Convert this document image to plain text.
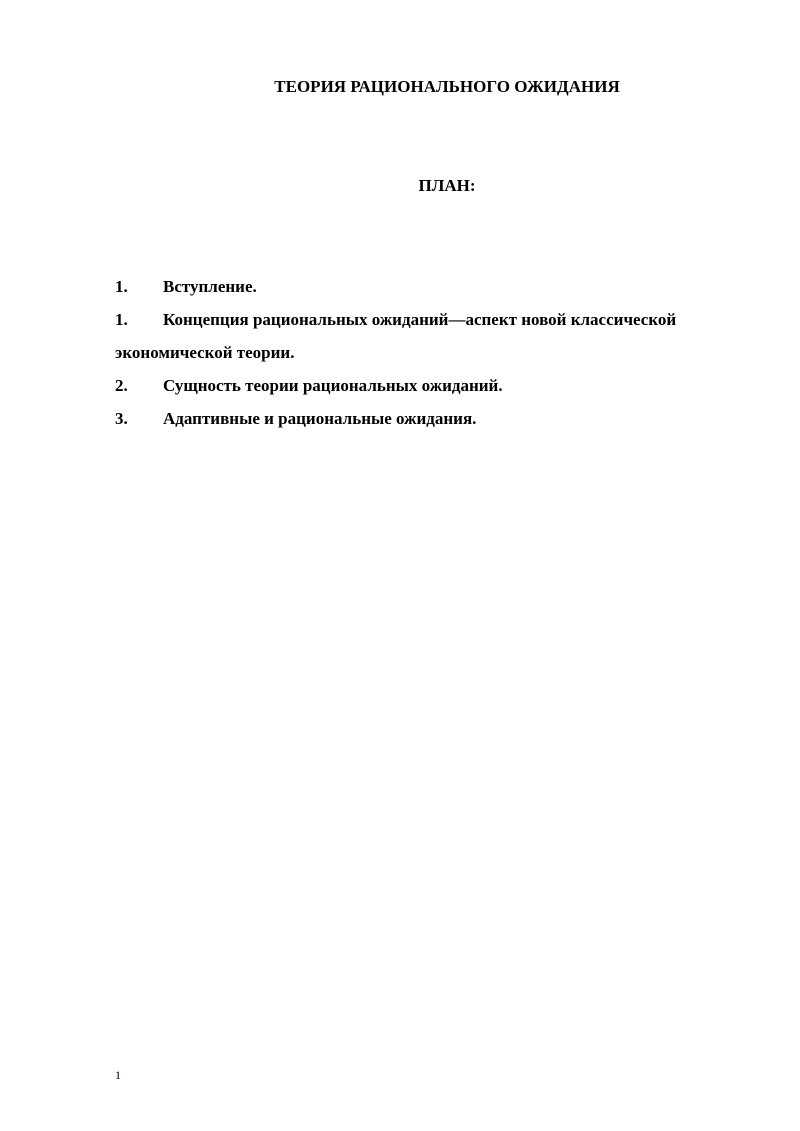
ТЕОРИЯ РАЦИОНАЛЬНОГО ОЖИДАНИЯ
ПЛАН:
1. Вступление.
1. Концепция рациональных ожиданий—аспект новой классической экономической теории.
2. Сущность теории рациональных ожиданий.
3. Адаптивные и рациональные ожидания.
1
